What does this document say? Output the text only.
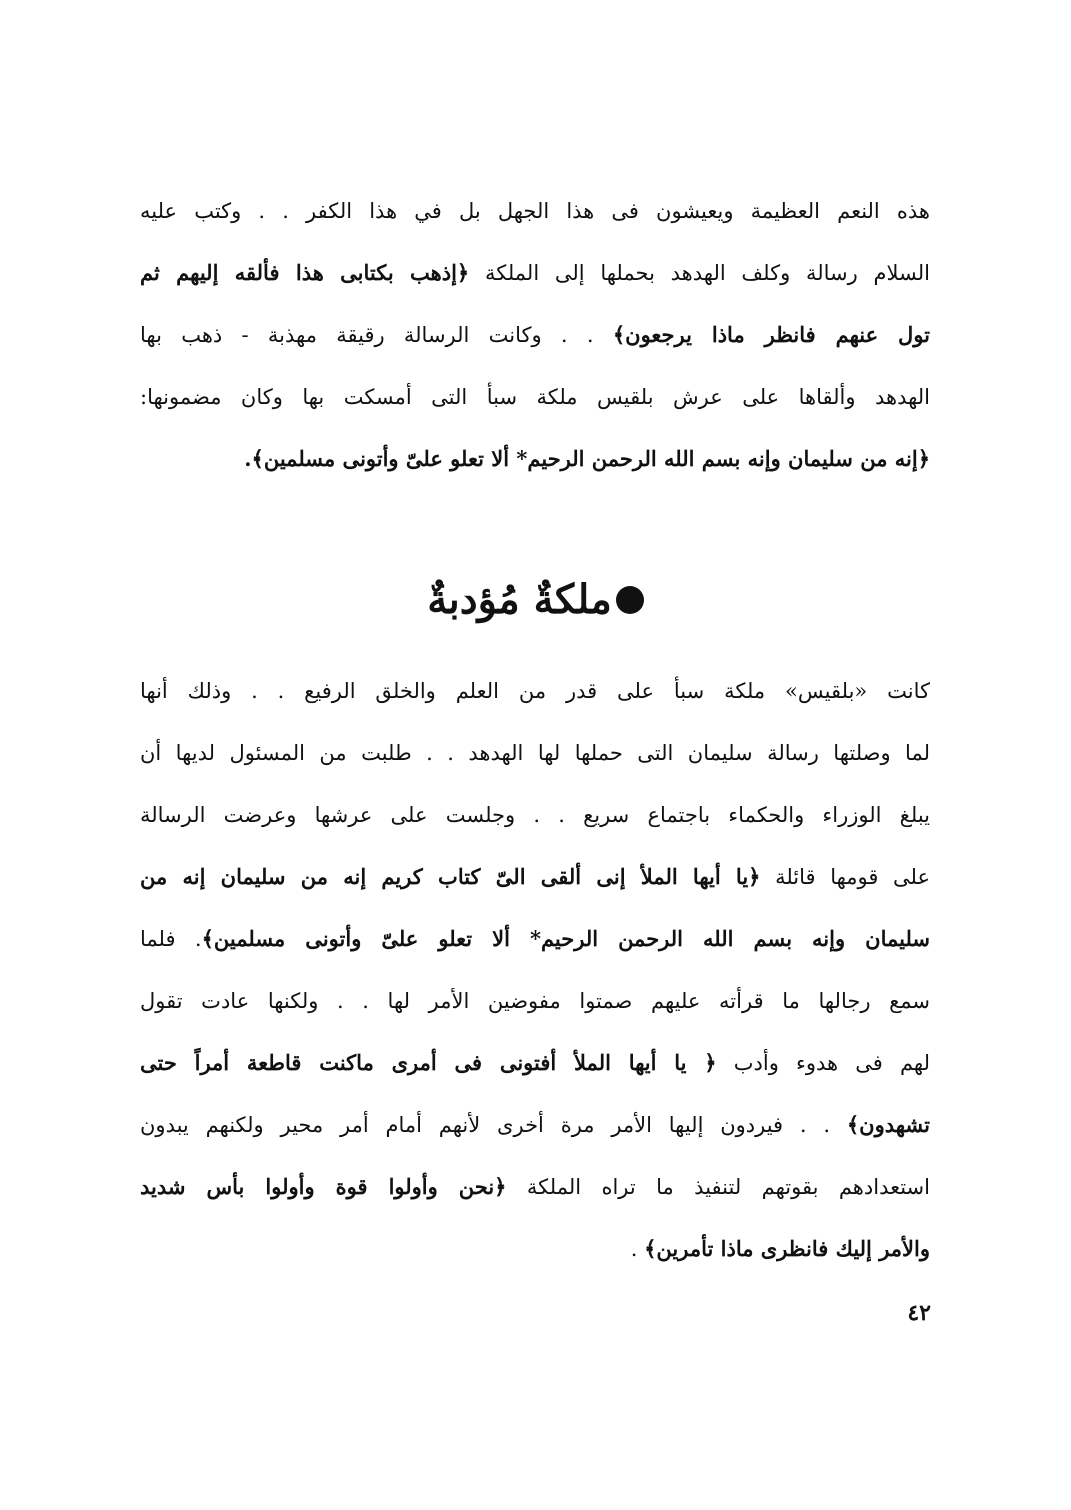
هذه النعم العظيمة ويعيشون فى هذا الجهل بل في هذا الكفر . . وكتب عليه
السلام رسالة وكلف الهدهد بحملها إلى الملكة ﴿إذهب بكتابى هذا فألقه إليهم ثم
تول عنهم فانظر ماذا يرجعون﴾ . . وكانت الرسالة رقيقة مهذبة - ذهب بها
الهدهد وألقاها على عرش بلقيس ملكة سبأ التى أمسكت بها وكان مضمونها:
﴿إنه من سليمان وإنه بسم الله الرحمن الرحيم* ألا تعلو علىّ وأتونى مسلمين﴾.
ملكةٌ مُؤدبةٌ
كانت «بلقيس» ملكة سبأ على قدر من العلم والخلق الرفيع . . وذلك أنها
لما وصلتها رسالة سليمان التى حملها لها الهدهد . . طلبت من المسئول لديها أن
يبلغ الوزراء والحكماء باجتماع سريع . . وجلست على عرشها وعرضت الرسالة
على قومها قائلة ﴿يا أيها الملأ إنى ألقى الىّ كتاب كريم إنه من سليمان إنه من
سليمان وإنه بسم الله الرحمن الرحيم* ألا تعلو علىّ وأتونى مسلمين﴾. فلما
سمع رجالها ما قرأته عليهم صمتوا مفوضين الأمر لها . . ولكنها عادت تقول
لهم فى هدوء وأدب ﴿ يا أيها الملأ أفتونى فى أمرى ماكنت قاطعة أمراً حتى
تشهدون﴾ . . فيردون إليها الأمر مرة أخرى لأنهم أمام أمر محير ولكنهم يبدون
استعدادهم بقوتهم لتنفيذ ما تراه الملكة ﴿نحن وأولوا قوة وأولوا بأس شديد
والأمر إليك فانظرى ماذا تأمرين﴾ .
٤٢
